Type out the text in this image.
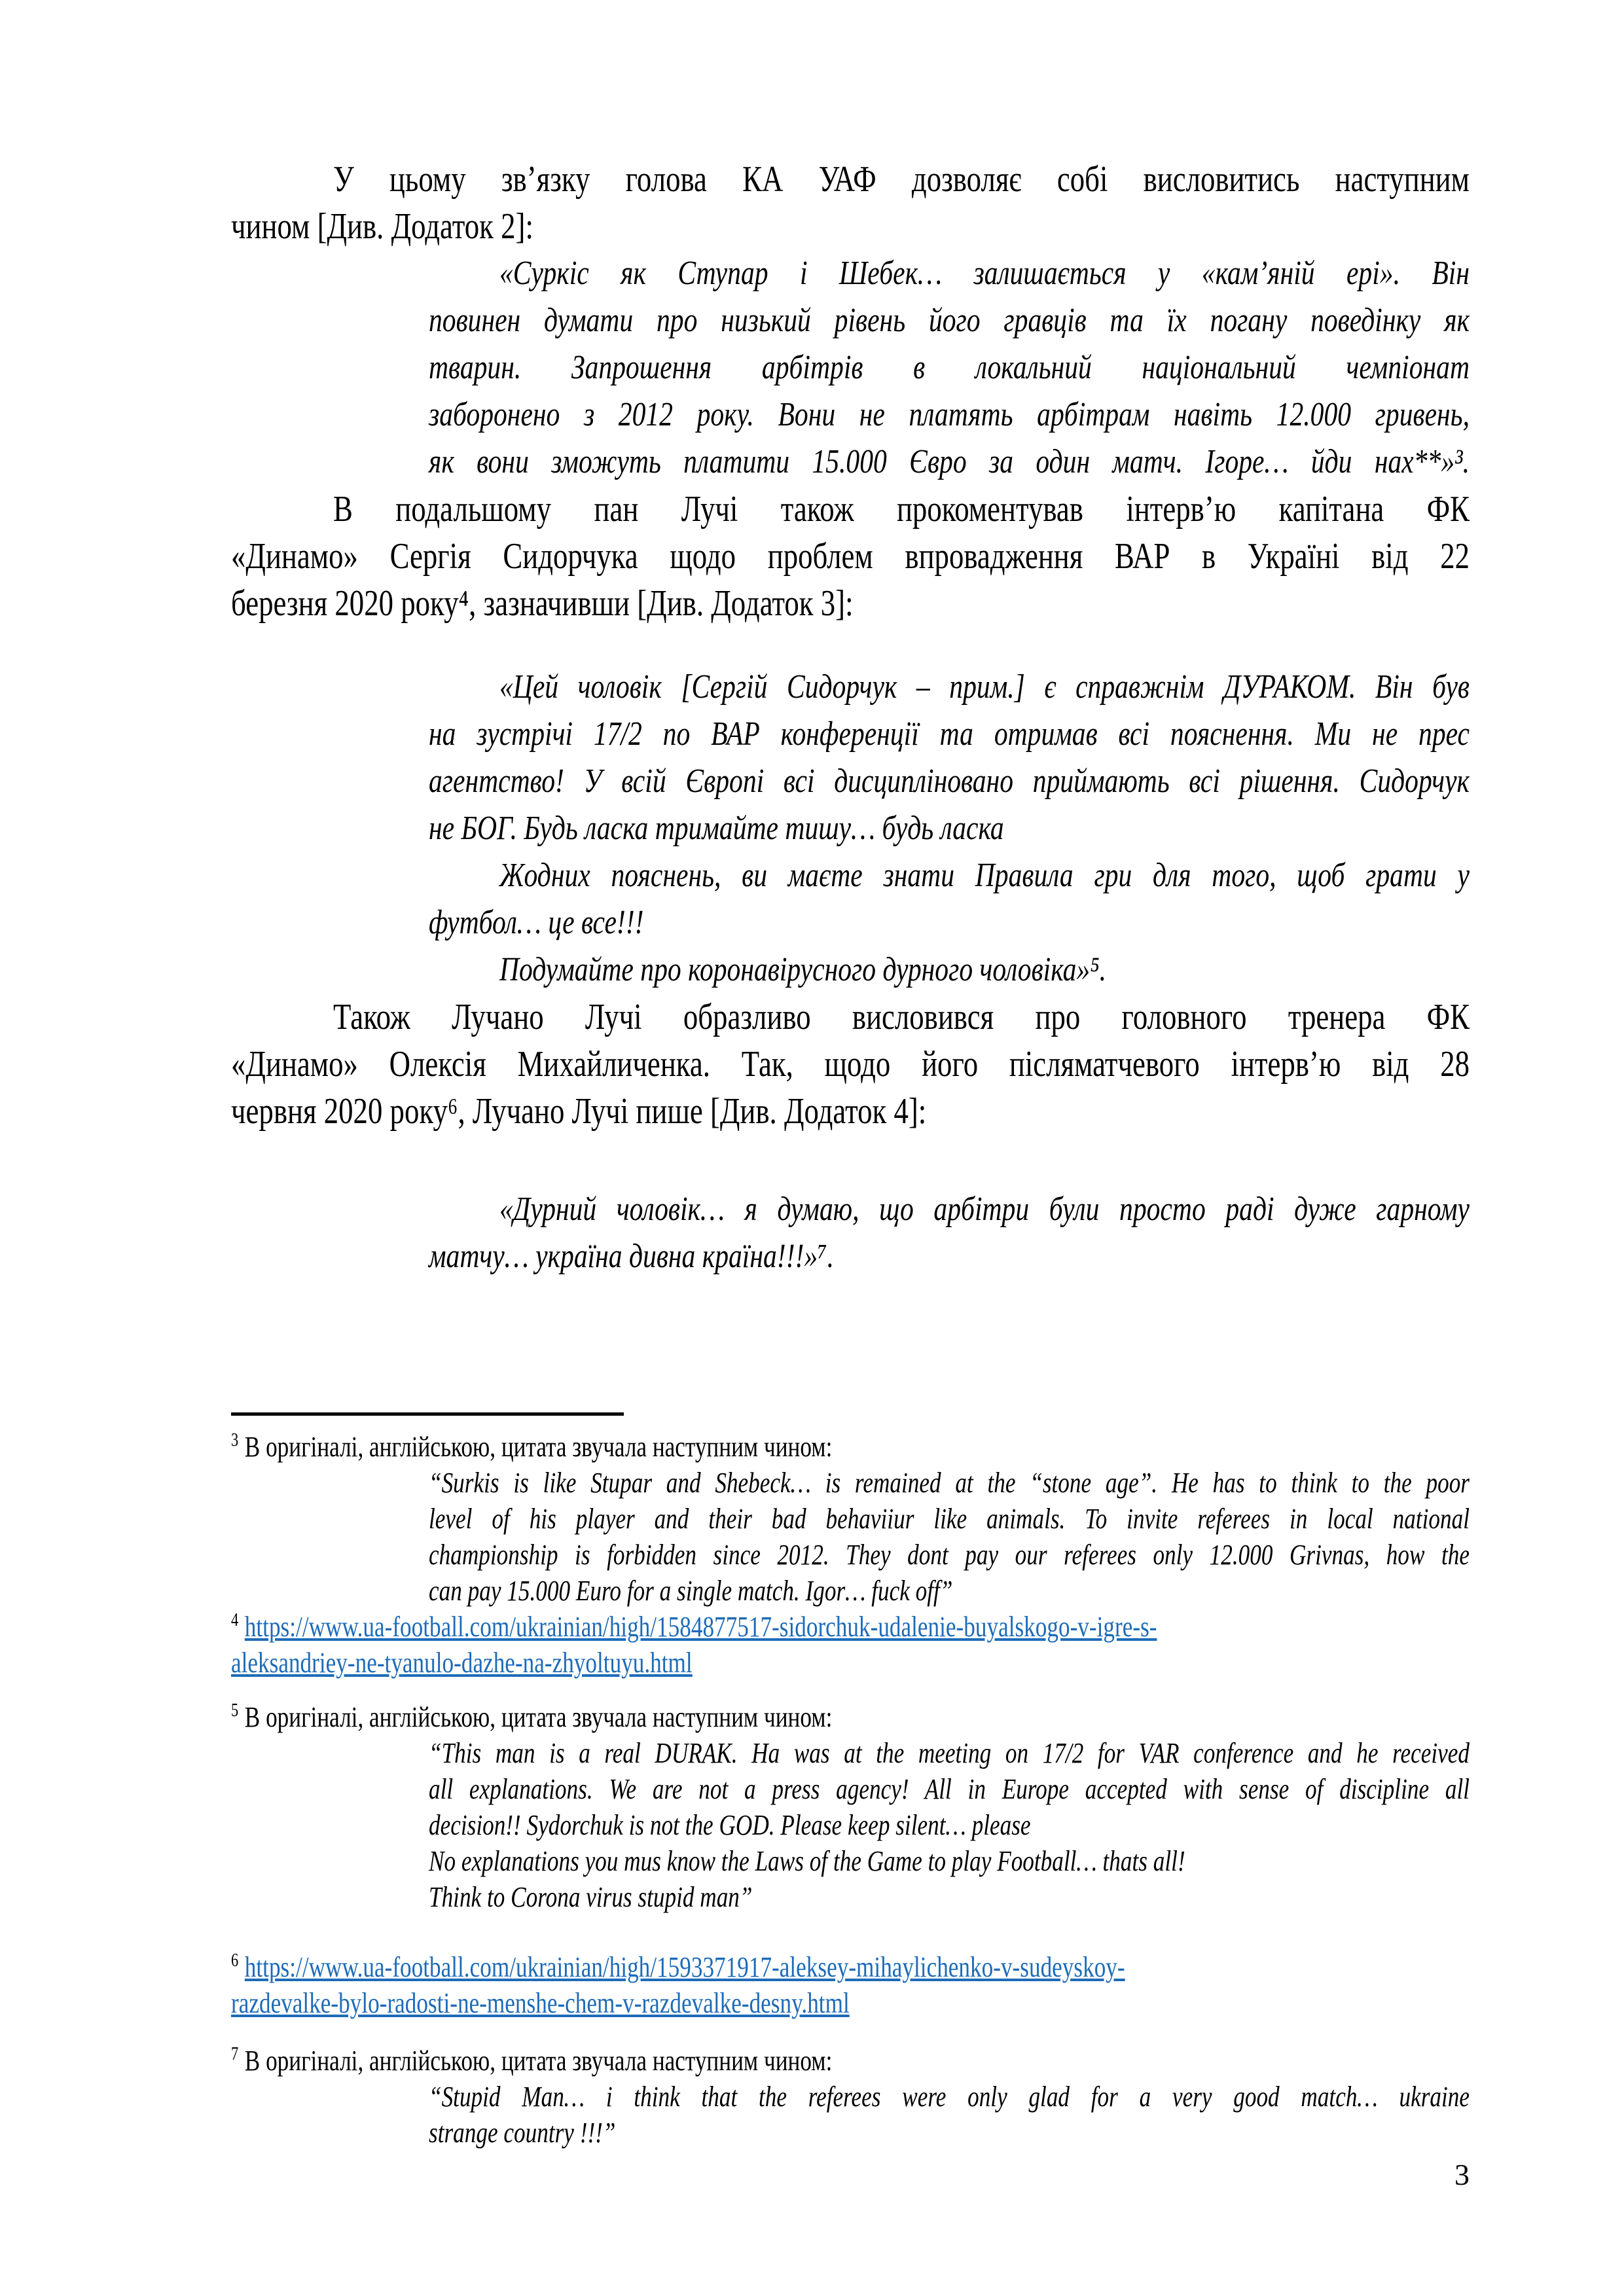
У цьому зв’язку голова КА УАФ дозволяє собі висловитись наступним
чином [Див. Додаток 2]:
«Суркіс як Ступар і Шебек… залишається у «кам’яній ері». Він
повинен думати про низький рівень його гравців та їх погану поведінку як
тварин. Запрошення арбітрів в локальний національний чемпіонат
заборонено з 2012 року. Вони не платять арбітрам навіть 12.000 гривень,
як вони зможуть платити 15.000 Євро за один матч. Ігоре… йди нах**»³.
В подальшому пан Лучі також прокоментував інтерв’ю капітана ФК
«Динамо» Сергія Сидорчука щодо проблем впровадження ВАР в Україні від 22
березня 2020 року⁴, зазначивши [Див. Додаток 3]:
«Цей чоловік [Сергій Сидорчук – прим.] є справжнім ДУРАКОМ. Він був
на зустрічі 17/2 по ВАР конференції та отримав всі пояснення. Ми не прес
агентство! У всій Європі всі дисципліновано приймають всі рішення. Сидорчук
не БОГ. Будь ласка тримайте тишу… будь ласка
Жодних пояснень, ви маєте знати Правила гри для того, щоб грати у
футбол… це все!!!
Подумайте про коронавірусного дурного чоловіка»⁵.
Також Лучано Лучі образливо висловився про головного тренера ФК
«Динамо» Олексія Михайличенка. Так, щодо його післяматчевого інтерв’ю від 28
червня 2020 року⁶, Лучано Лучі пише [Див. Додаток 4]:
«Дурний чоловік… я думаю, що арбітри були просто раді дуже гарному
матчу… україна дивна країна!!!»⁷.
$^3$ В оригіналі, англійською, цитата звучала наступним чином:
“Surkis is like Stupar and Shebeck… is remained at the “stone age”. He has to think to the poor
level of his player and their bad behaviiur like animals. To invite referees in local national
championship is forbidden since 2012. They dont pay our referees only 12.000 Grivnas, how the
can pay 15.000 Euro for a single match. Igor… fuck off”
$^4$ https://www.ua-football.com/ukrainian/high/1584877517-sidorchuk-udalenie-buyalskogo-v-igre-s-
aleksandriey-ne-tyanulo-dazhe-na-zhyoltuyu.html
$^5$ В оригіналі, англійською, цитата звучала наступним чином:
“This man is a real DURAK. Ha was at the meeting on 17/2 for VAR conference and he received
all explanations. We are not a press agency! All in Europe accepted with sense of discipline all
decision!! Sydorchuk is not the GOD. Please keep silent… please
No explanations you mus know the Laws of the Game to play Football… thats all!
Think to Corona virus stupid man”
$^6$ https://www.ua-football.com/ukrainian/high/1593371917-aleksey-mihaylichenko-v-sudeyskoy-
razdevalke-bylo-radosti-ne-menshe-chem-v-razdevalke-desny.html
$^7$ В оригіналі, англійською, цитата звучала наступним чином:
“Stupid Man… i think that the referees were only glad for a very good match… ukraine
strange country !!!”
3
